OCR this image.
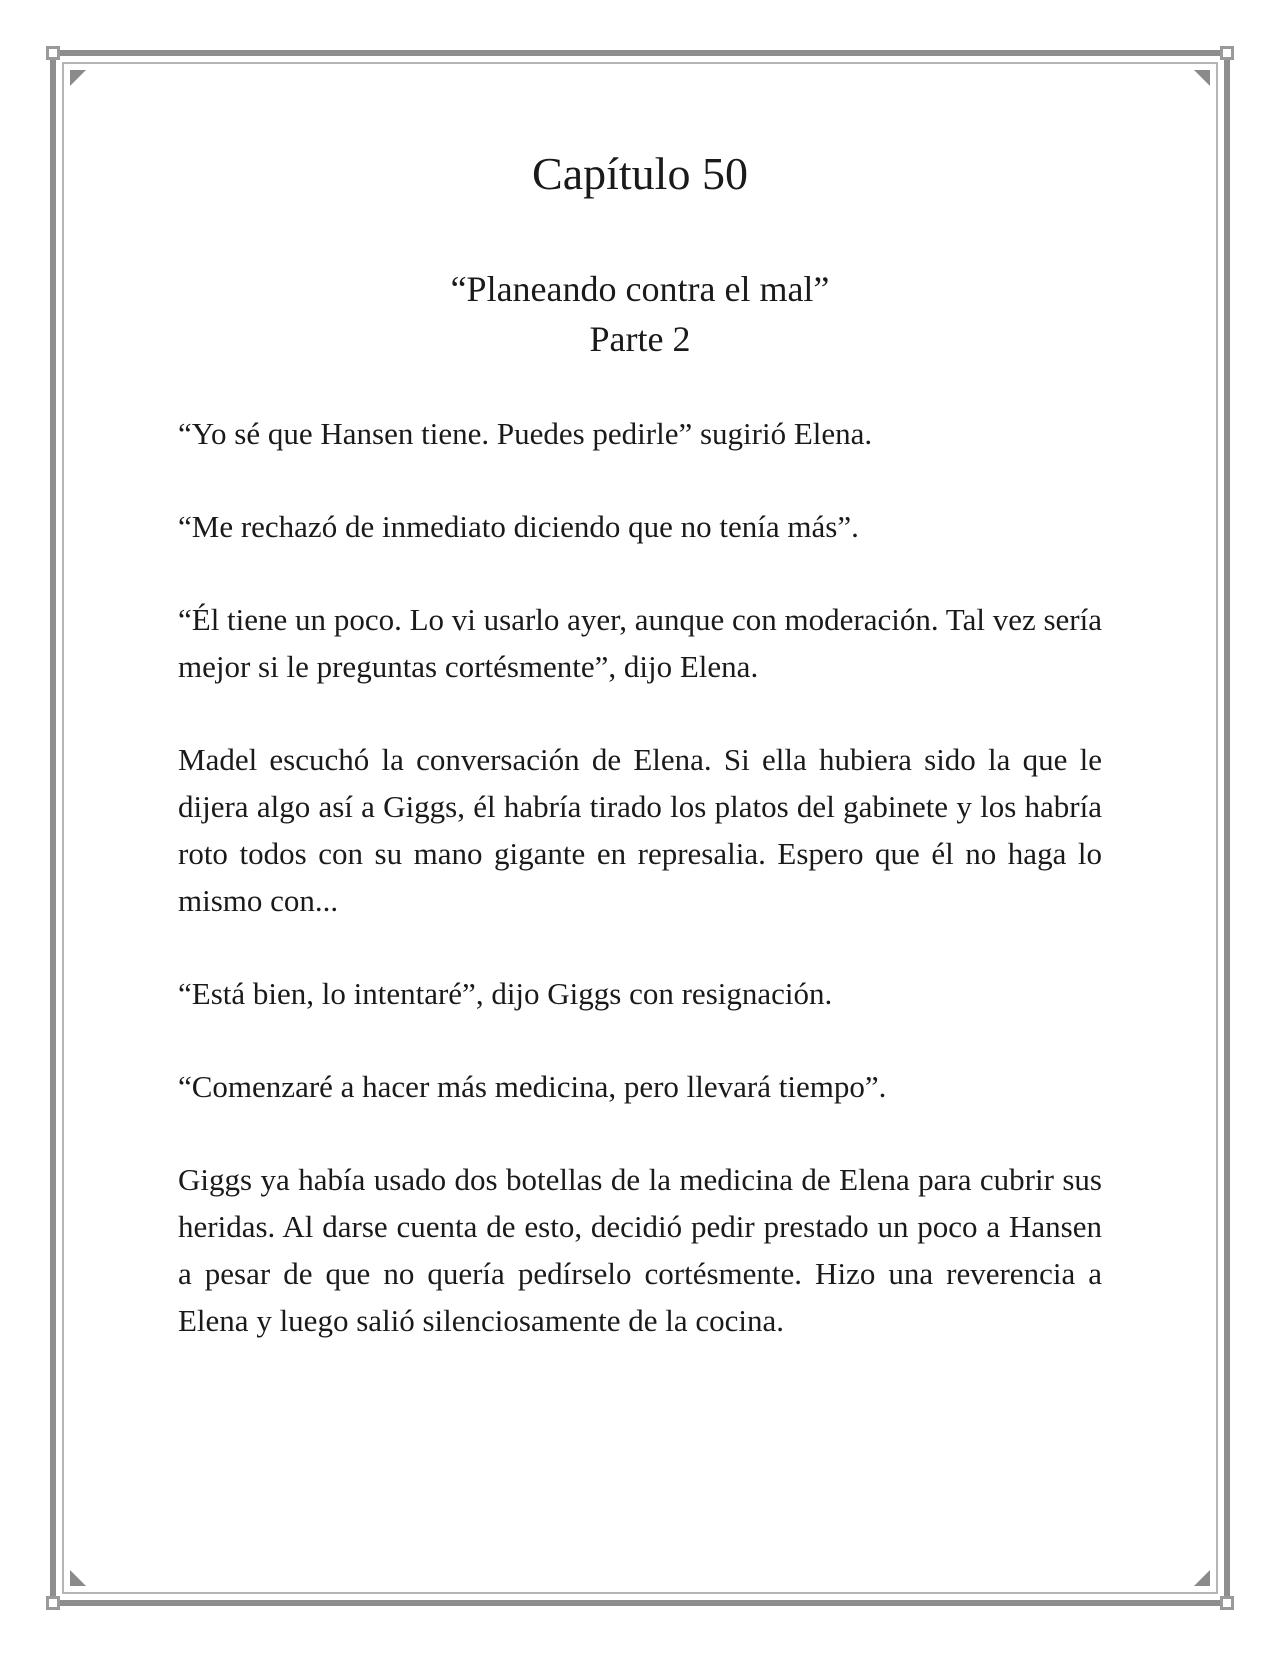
Capítulo 50
“Planeando contra el mal”
Parte 2

“Yo sé que Hansen tiene. Puedes pedirle” sugirió Elena.

“Me rechazó de inmediato diciendo que no tenía más”.

“Él tiene un poco. Lo vi usarlo ayer, aunque con moderación. Tal vez sería mejor si le preguntas cortésmente”, dijo Elena.

Madel escuchó la conversación de Elena. Si ella hubiera sido la que le dijera algo así a Giggs, él habría tirado los platos del gabinete y los habría roto todos con su mano gigante en represalia. Espero que él no haga lo mismo con...

“Está bien, lo intentaré”, dijo Giggs con resignación.

“Comenzaré a hacer más medicina, pero llevará tiempo”.

Giggs ya había usado dos botellas de la medicina de Elena para cubrir sus heridas. Al darse cuenta de esto, decidió pedir prestado un poco a Hansen a pesar de que no quería pedírselo cortésmente. Hizo una reverencia a Elena y luego salió silenciosamente de la cocina.
